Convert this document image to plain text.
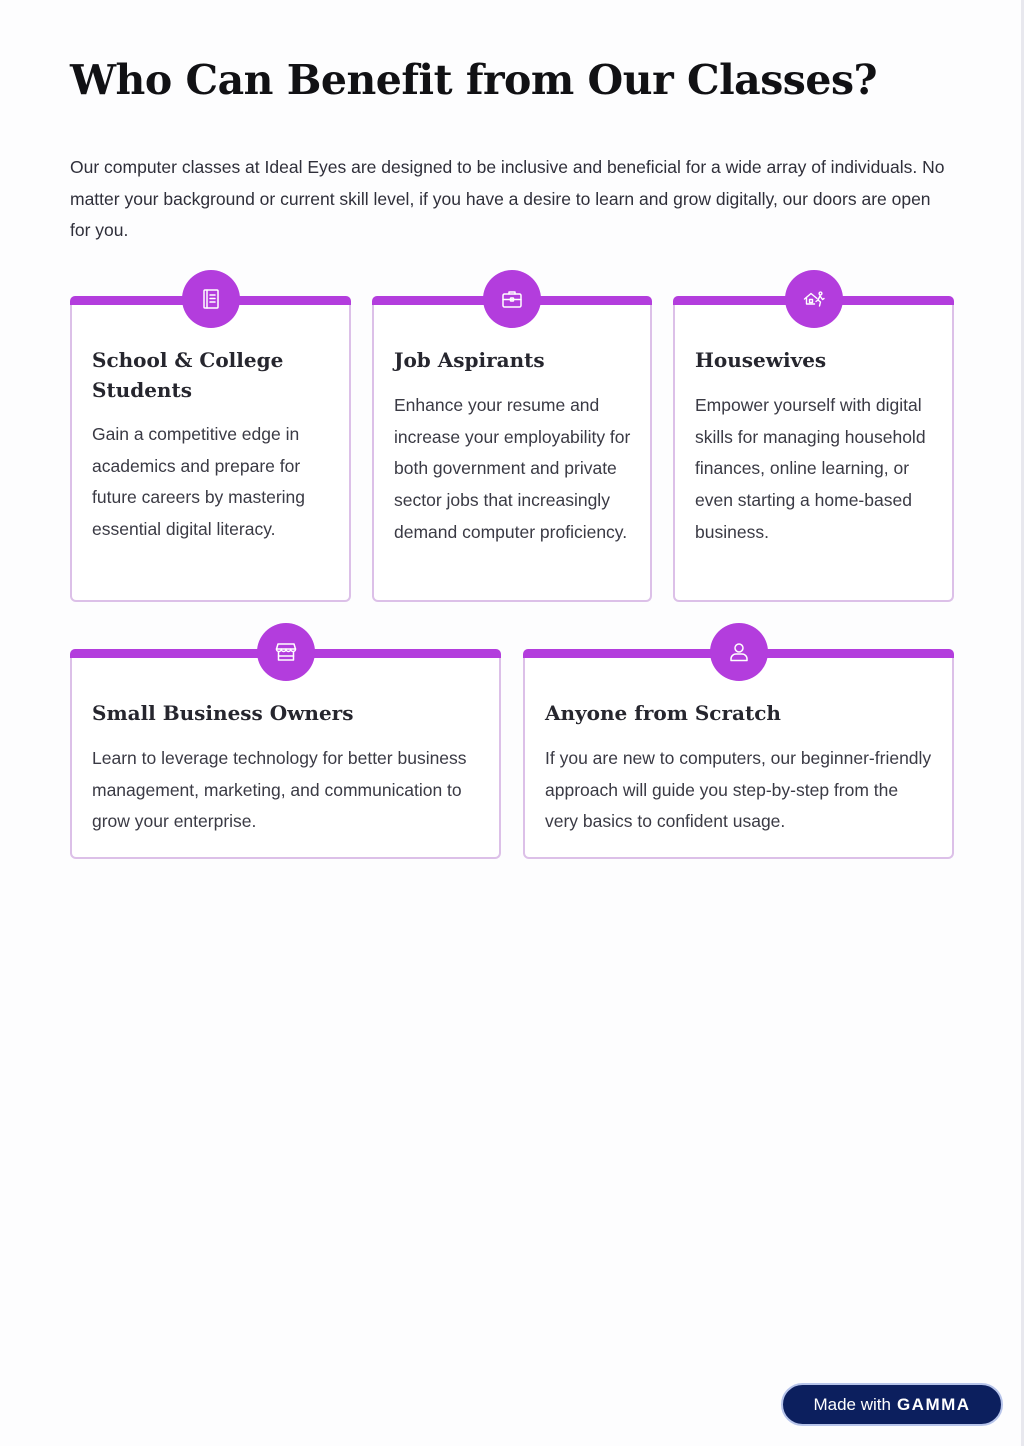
Who Can Benefit from Our Classes?

Our computer classes at Ideal Eyes are designed to be inclusive and beneficial for a wide array of individuals. No matter your background or current skill level, if you have a desire to learn and grow digitally, our doors are open for you.

School & College Students

Gain a competitive edge in academics and prepare for future careers by mastering essential digital literacy.

Job Aspirants

Enhance your resume and increase your employability for both government and private sector jobs that increasingly demand computer proficiency.

Housewives

Empower yourself with digital skills for managing household finances, online learning, or even starting a home-based business.

Small Business Owners

Learn to leverage technology for better business management, marketing, and communication to grow your enterprise.

Anyone from Scratch

If you are new to computers, our beginner-friendly approach will guide you step-by-step from the very basics to confident usage.

Made with GAMMA
